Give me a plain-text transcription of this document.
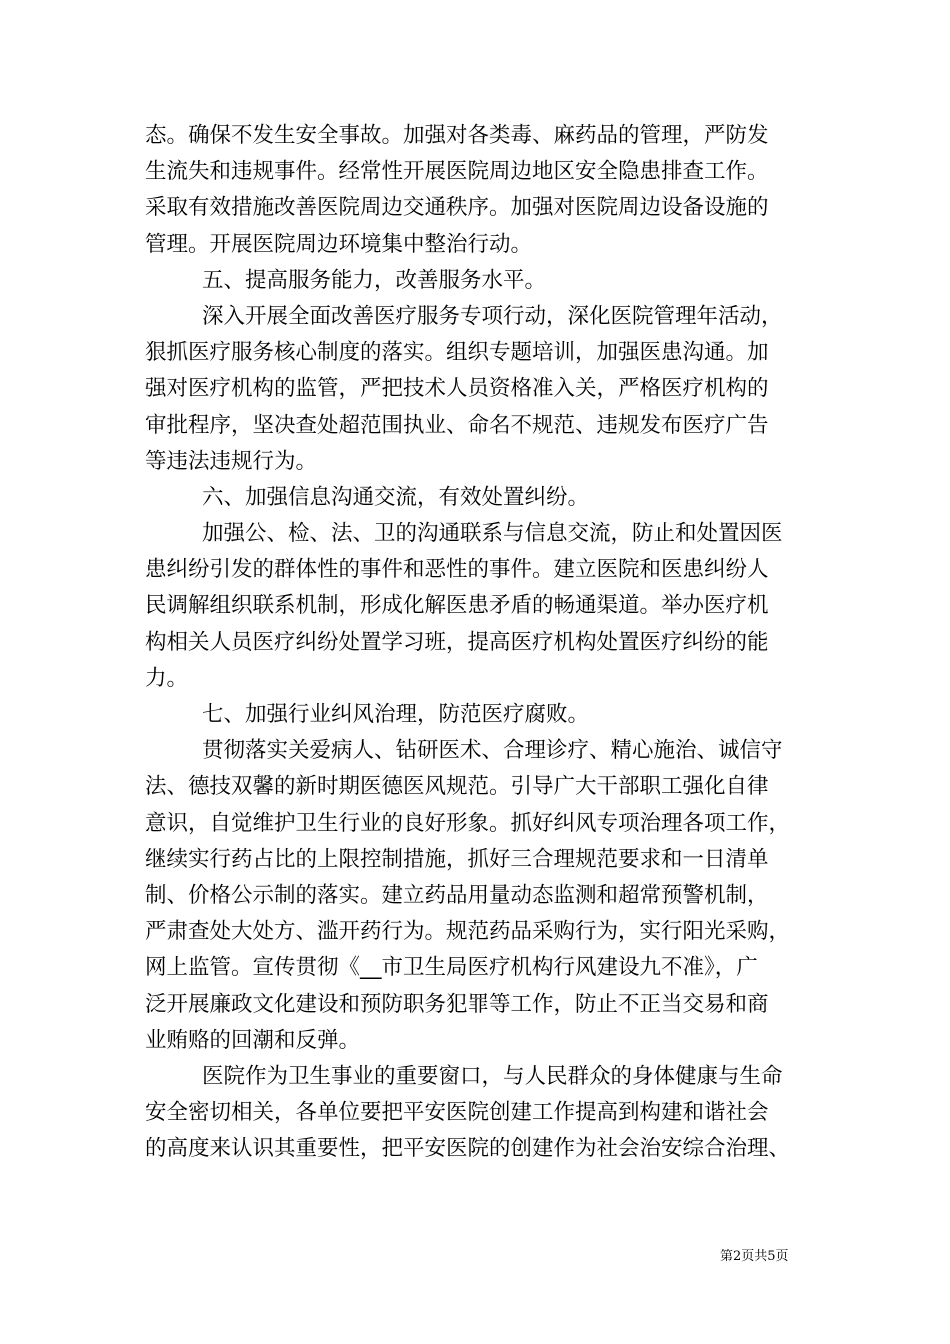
态。确保不发生安全事故。加强对各类毒、麻药品的管理，严防发
生流失和违规事件。经常性开展医院周边地区安全隐患排查工作。
采取有效措施改善医院周边交通秩序。加强对医院周边设备设施的
管理。开展医院周边环境集中整治行动。
五、提高服务能力，改善服务水平。
深入开展全面改善医疗服务专项行动，深化医院管理年活动，
狠抓医疗服务核心制度的落实。组织专题培训，加强医患沟通。加
强对医疗机构的监管，严把技术人员资格准入关，严格医疗机构的
审批程序，坚决查处超范围执业、命名不规范、违规发布医疗广告
等违法违规行为。
六、加强信息沟通交流，有效处置纠纷。
加强公、检、法、卫的沟通联系与信息交流，防止和处置因医
患纠纷引发的群体性的事件和恶性的事件。建立医院和医患纠纷人
民调解组织联系机制，形成化解医患矛盾的畅通渠道。举办医疗机
构相关人员医疗纠纷处置学习班，提高医疗机构处置医疗纠纷的能
力。
七、加强行业纠风治理，防范医疗腐败。
贯彻落实关爱病人、钻研医术、合理诊疗、精心施治、诚信守
法、德技双馨的新时期医德医风规范。引导广大干部职工强化自律
意识，自觉维护卫生行业的良好形象。抓好纠风专项治理各项工作，
继续实行药占比的上限控制措施，抓好三合理规范要求和一日清单
制、价格公示制的落实。建立药品用量动态监测和超常预警机制，
严肃查处大处方、滥开药行为。规范药品采购行为，实行阳光采购，
网上监管。宣传贯彻《__市卫生局医疗机构行风建设九不准》，广
泛开展廉政文化建设和预防职务犯罪等工作，防止不正当交易和商
业贿赂的回潮和反弹。
医院作为卫生事业的重要窗口，与人民群众的身体健康与生命
安全密切相关，各单位要把平安医院创建工作提高到构建和谐社会
的高度来认识其重要性，把平安医院的创建作为社会治安综合治理、
第2页共5页
